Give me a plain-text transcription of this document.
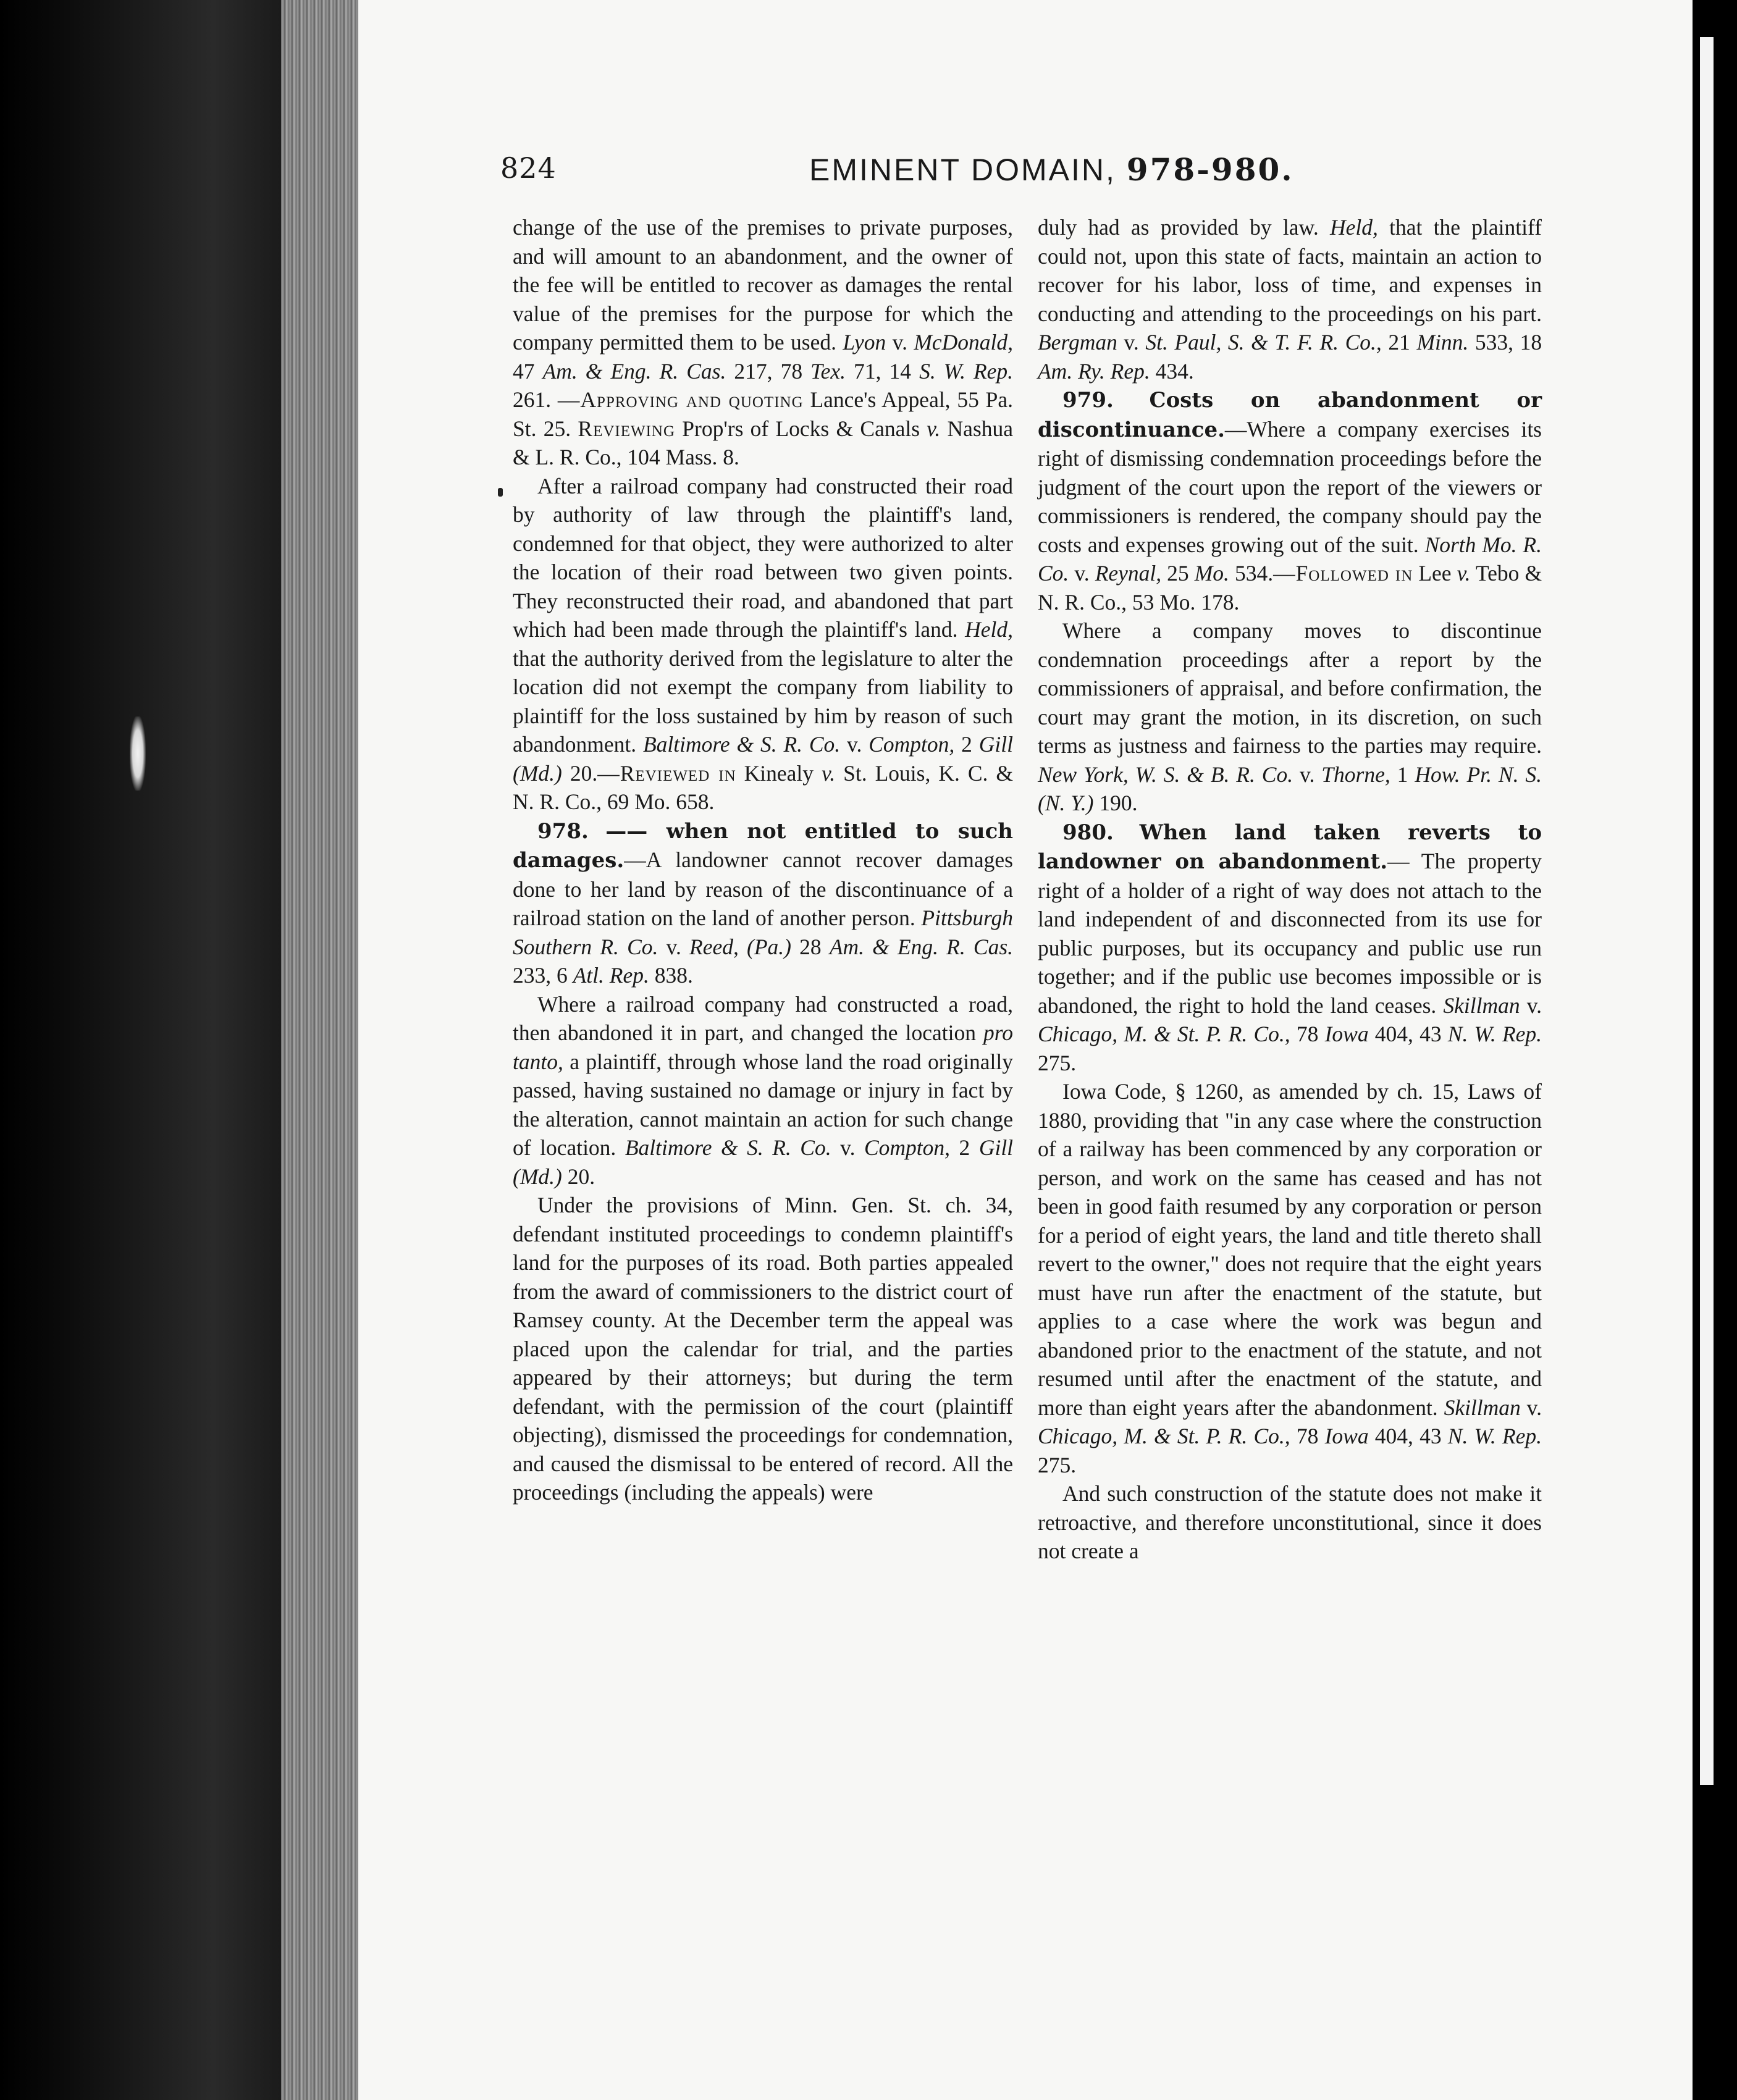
824	EMINENT DOMAIN, 978-980.

change of the use of the premises to private purposes, and will amount to an abandonment, and the owner of the fee will be entitled to recover as damages the rental value of the premises for the purpose for which the company permitted them to be used. Lyon v. McDonald, 47 Am. & Eng. R. Cas. 217, 78 Tex. 71, 14 S. W. Rep. 261. —Approving and quoting Lance's Appeal, 55 Pa. St. 25. Reviewing Prop'rs of Locks & Canals v. Nashua & L. R. Co., 104 Mass. 8.

After a railroad company had constructed their road by authority of law through the plaintiff's land, condemned for that object, they were authorized to alter the location of their road between two given points. They reconstructed their road, and abandoned that part which had been made through the plaintiff's land. Held, that the authority derived from the legislature to alter the location did not exempt the company from liability to plaintiff for the loss sustained by him by reason of such abandonment. Baltimore & S. R. Co. v. Compton, 2 Gill (Md.) 20.—Reviewed in Kinealy v. St. Louis, K. C. & N. R. Co., 69 Mo. 658.

978. —— when not entitled to such damages.—A landowner cannot recover damages done to her land by reason of the discontinuance of a railroad station on the land of another person. Pittsburgh Southern R. Co. v. Reed, (Pa.) 28 Am. & Eng. R. Cas. 233, 6 Atl. Rep. 838.

Where a railroad company had constructed a road, then abandoned it in part, and changed the location pro tanto, a plaintiff, through whose land the road originally passed, having sustained no damage or injury in fact by the alteration, cannot maintain an action for such change of location. Baltimore & S. R. Co. v. Compton, 2 Gill (Md.) 20.

Under the provisions of Minn. Gen. St. ch. 34, defendant instituted proceedings to condemn plaintiff's land for the purposes of its road. Both parties appealed from the award of commissioners to the district court of Ramsey county. At the December term the appeal was placed upon the calendar for trial, and the parties appeared by their attorneys; but during the term defendant, with the permission of the court (plaintiff objecting), dismissed the proceedings for condemnation, and caused the dismissal to be entered of record. All the proceedings (including the appeals) were

duly had as provided by law. Held, that the plaintiff could not, upon this state of facts, maintain an action to recover for his labor, loss of time, and expenses in conducting and attending to the proceedings on his part. Bergman v. St. Paul, S. & T. F. R. Co., 21 Minn. 533, 18 Am. Ry. Rep. 434.

979. Costs on abandonment or discontinuance.—Where a company exercises its right of dismissing condemnation proceedings before the judgment of the court upon the report of the viewers or commissioners is rendered, the company should pay the costs and expenses growing out of the suit. North Mo. R. Co. v. Reynal, 25 Mo. 534.—Followed in Lee v. Tebo & N. R. Co., 53 Mo. 178.

Where a company moves to discontinue condemnation proceedings after a report by the commissioners of appraisal, and before confirmation, the court may grant the motion, in its discretion, on such terms as justness and fairness to the parties may require. New York, W. S. & B. R. Co. v. Thorne, 1 How. Pr. N. S. (N. Y.) 190.

980. When land taken reverts to landowner on abandonment.— The property right of a holder of a right of way does not attach to the land independent of and disconnected from its use for public purposes, but its occupancy and public use run together; and if the public use becomes impossible or is abandoned, the right to hold the land ceases. Skillman v. Chicago, M. & St. P. R. Co., 78 Iowa 404, 43 N. W. Rep. 275.

Iowa Code, § 1260, as amended by ch. 15, Laws of 1880, providing that "in any case where the construction of a railway has been commenced by any corporation or person, and work on the same has ceased and has not been in good faith resumed by any corporation or person for a period of eight years, the land and title thereto shall revert to the owner," does not require that the eight years must have run after the enactment of the statute, but applies to a case where the work was begun and abandoned prior to the enactment of the statute, and not resumed until after the enactment of the statute, and more than eight years after the abandonment. Skillman v. Chicago, M. & St. P. R. Co., 78 Iowa 404, 43 N. W. Rep. 275.

And such construction of the statute does not make it retroactive, and therefore unconstitutional, since it does not create a
